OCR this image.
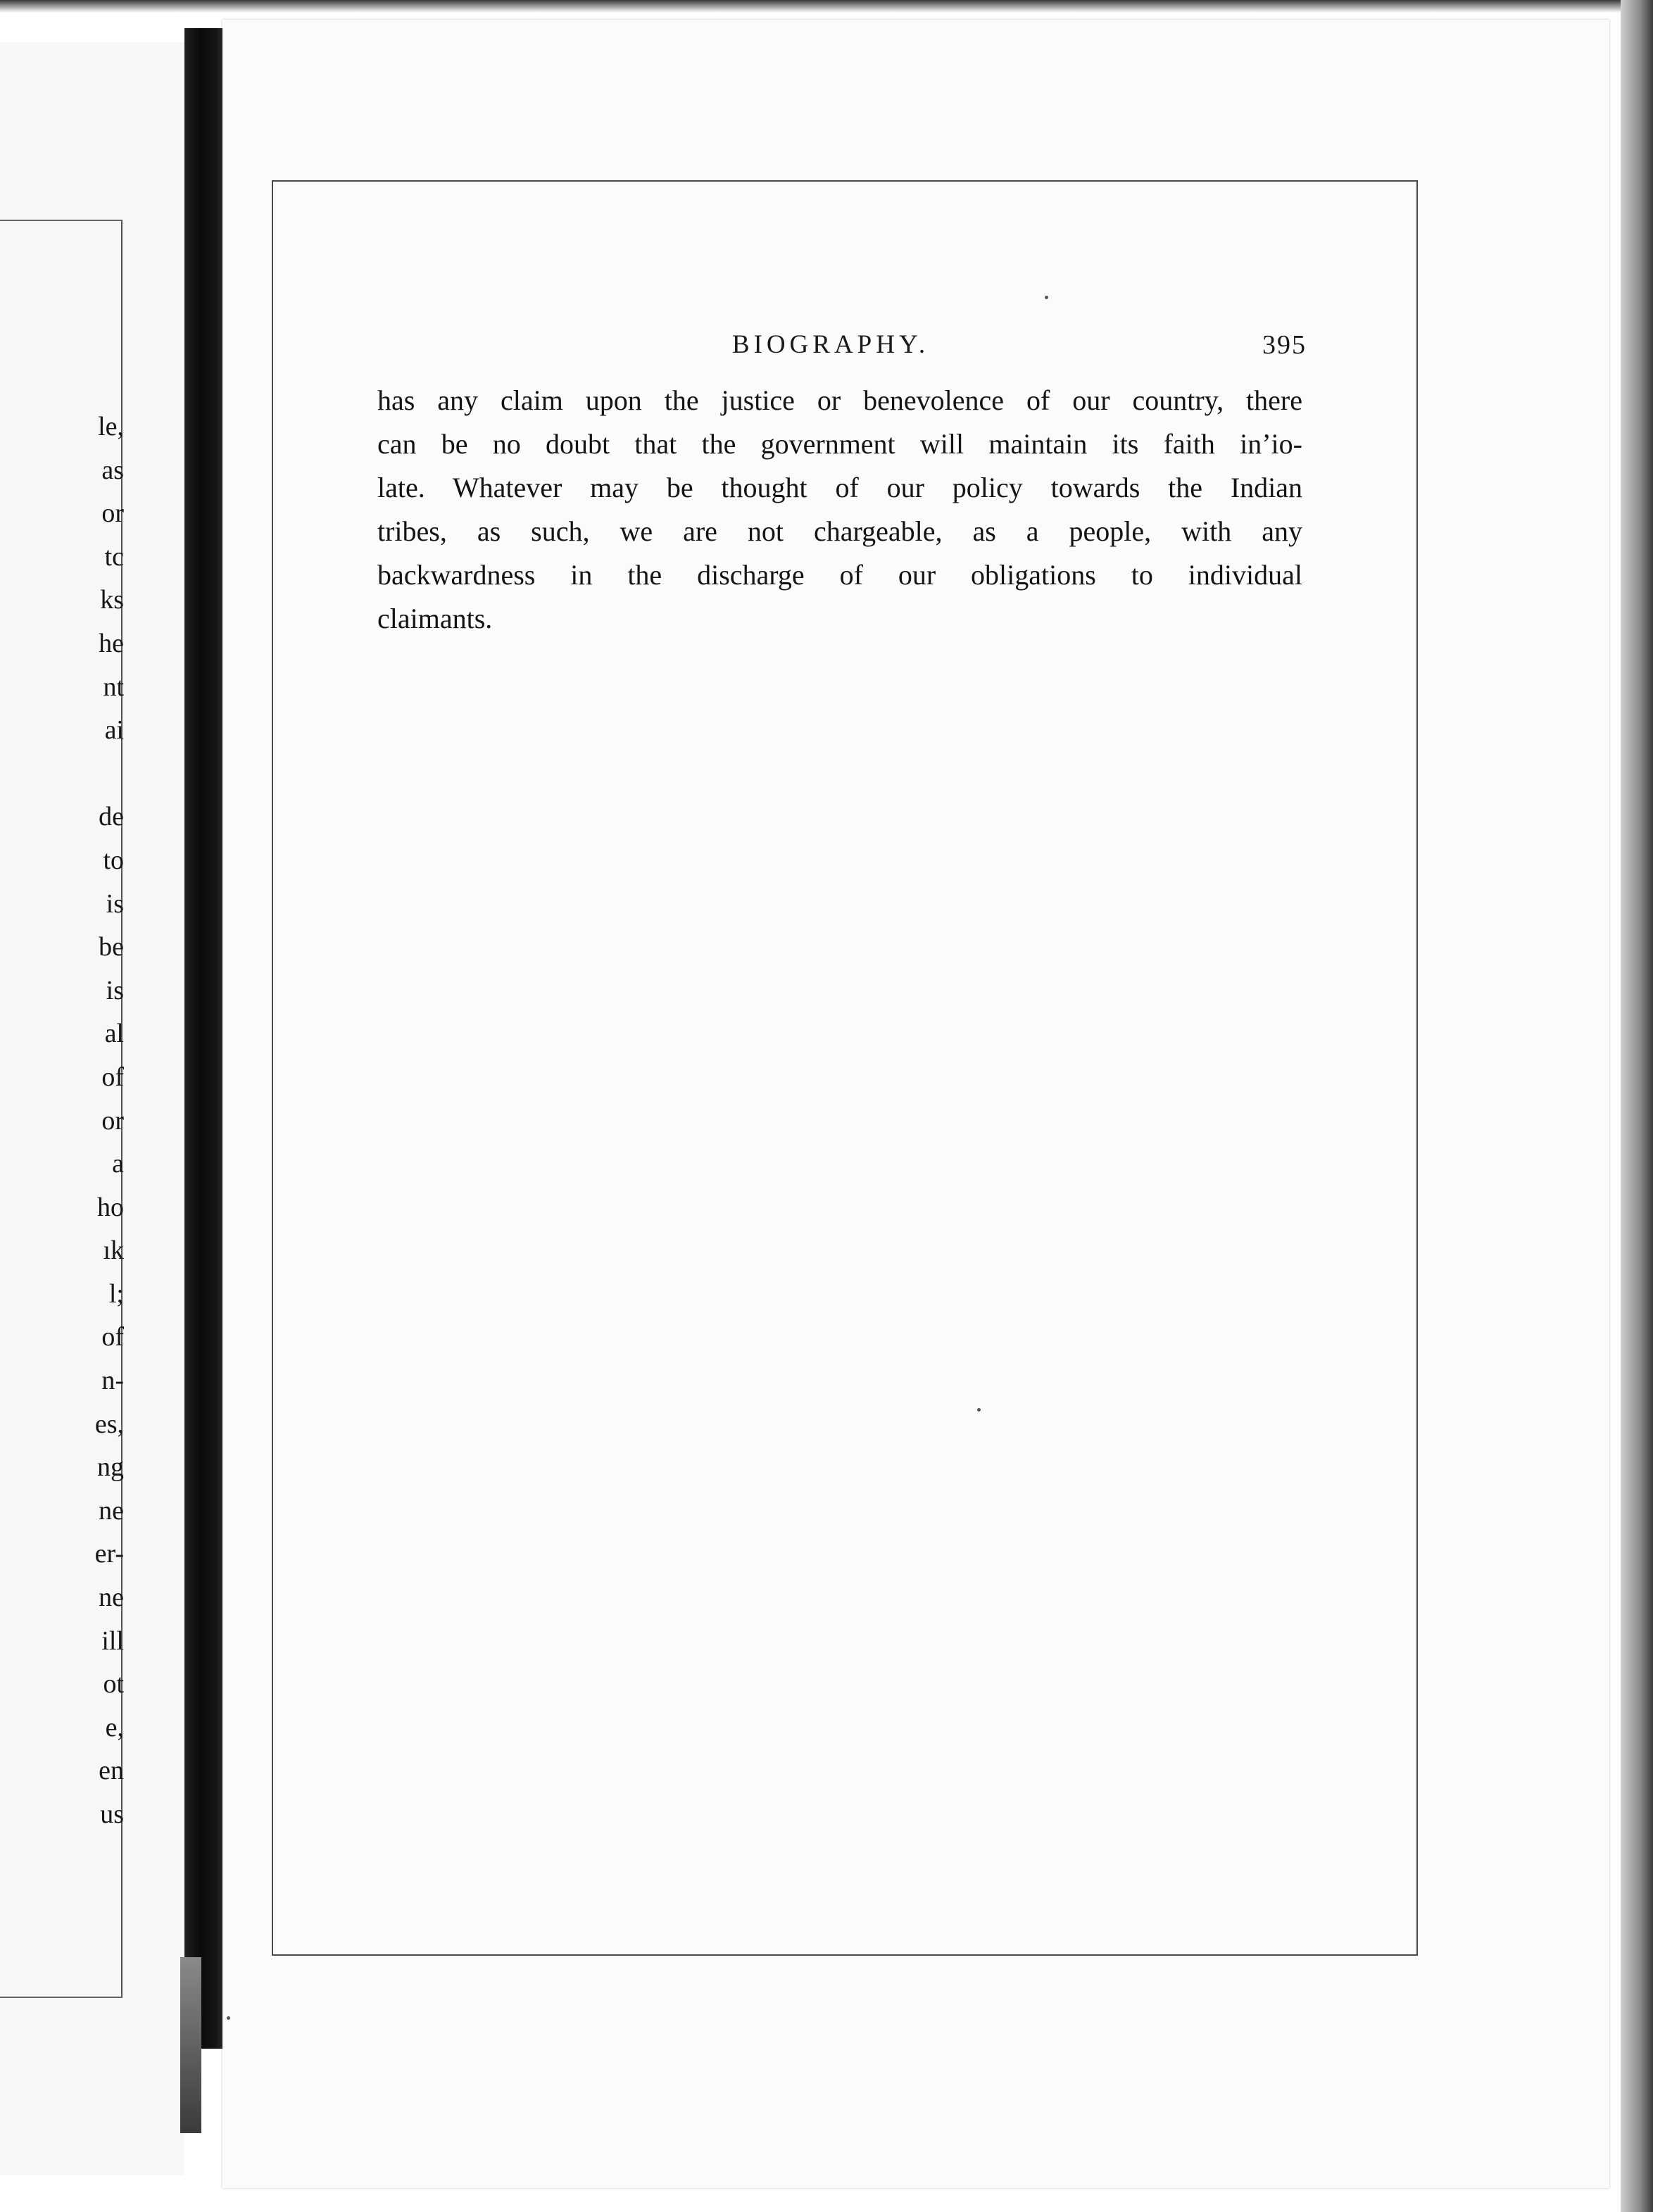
le,
as
or
tc
ks
he
nt
ai
de
to
is
be
is
al
of
or
a
ho
ık
l;
of
n-
es,
ng
ne
er-
ne
ill
ot
e,
en
us
BIOGRAPHY.	395
has any claim upon the justice or benevolence of our country, there
can be no doubt that the government will maintain its faith inʼio-
late. Whatever may be thought of our policy towards the Indian
tribes, as such, we are not chargeable, as a people, with any
backwardness in the discharge of our obligations to individual
claimants.
